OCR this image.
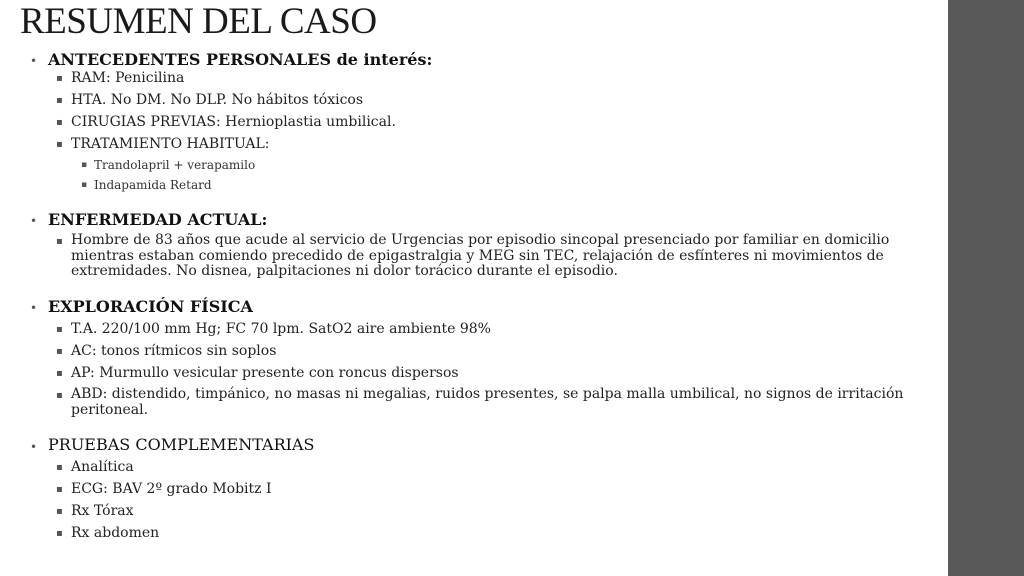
RESUMEN DEL CASO
• ANTECEDENTES PERSONALES de interés:
▪ RAM: Penicilina
▪ HTA. No DM. No DLP. No hábitos tóxicos
▪ CIRUGIAS PREVIAS: Hernioplastia umbilical.
▪ TRATAMIENTO HABITUAL:
▪ Trandolapril + verapamilo
▪ Indapamida Retard
• ENFERMEDAD ACTUAL:
▪ Hombre de 83 años que acude al servicio de Urgencias por episodio sincopal presenciado por familiar en domicilio mientras estaban comiendo precedido de epigastralgia y MEG sin TEC, relajación de esfínteres ni movimientos de extremidades. No disnea, palpitaciones ni dolor torácico durante el episodio.
• EXPLORACIÓN FÍSICA
▪ T.A. 220/100 mm Hg; FC 70 lpm. SatO2 aire ambiente 98%
▪ AC: tonos rítmicos sin soplos
▪ AP: Murmullo vesicular presente con roncus dispersos
▪ ABD: distendido, timpánico, no masas ni megalias, ruidos presentes, se palpa malla umbilical, no signos de irritación peritoneal.
• PRUEBAS COMPLEMENTARIAS
▪ Analítica
▪ ECG: BAV 2º grado Mobitz I
▪ Rx Tórax
▪ Rx abdomen
